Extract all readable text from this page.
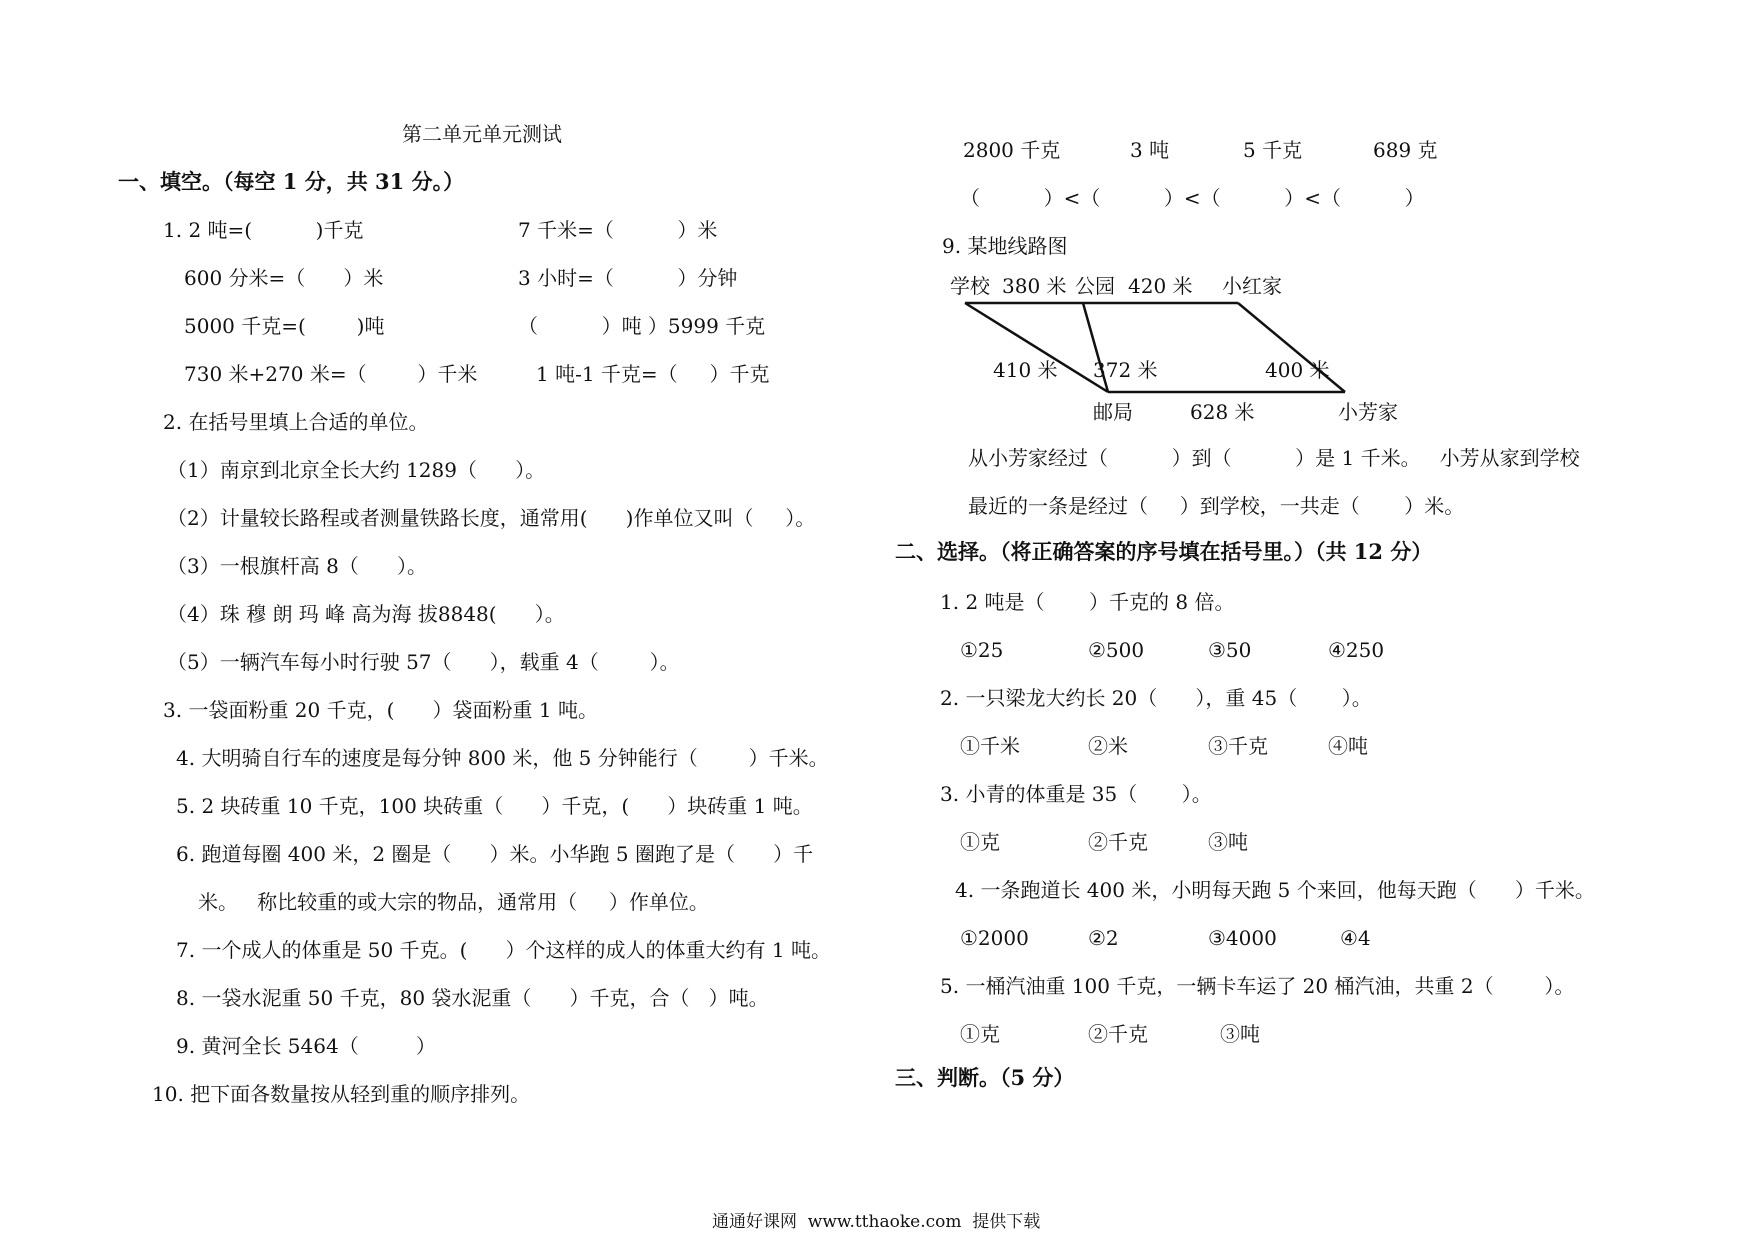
第二单元单元测试
一、填空。（每空 1 分，共 31 分。）
1. 2 吨=(          )千克	7 千米=（          ）米
600 分米=（      ）米	3 小时=（          ）分钟
5000 千克=(        )吨	（          ）吨 ）5999 千克
730 米+270 米=（        ）千米	1 吨-1 千克=（     ）千克
2. 在括号里填上合适的单位。
（1）南京到北京全长大约 1289（      ）。
（2）计量较长路程或者测量铁路长度，通常用(      )作单位又叫（     ）。
（3）一根旗杆高 8（      ）。
（4）珠 穆 朗 玛 峰 高为海 拔8848(      ）。
（5）一辆汽车每小时行驶 57（      ），载重 4（        ）。
3. 一袋面粉重 20 千克，(      ）袋面粉重 1 吨。
4. 大明骑自行车的速度是每分钟 800 米，他 5 分钟能行（        ）千米。
5. 2 块砖重 10 千克，100 块砖重（      ）千克，(      ）块砖重 1 吨。
6. 跑道每圈 400 米，2 圈是（      ）米。小华跑 5 圈跑了是（      ）千
米。   称比较重的或大宗的物品，通常用（     ）作单位。
7. 一个成人的体重是 50 千克。(      ）个这样的成人的体重大约有 1 吨。
8. 一袋水泥重 50 千克，80 袋水泥重（      ）千克，合（   ）吨。
9. 黄河全长 5464（         ）
10. 把下面各数量按从轻到重的顺序排列。
2800 千克	3 吨	5 千克	689 克
（          ）<（          ）<（          ）<（          ）
9. 某地线路图
学校 380 米 公园 420 米 小红家
410 米 372 米	400 米
邮局	628 米	小芳家
从小芳家经过（          ）到（          ）是 1 千米。   小芳从家到学校
最近的一条是经过（     ）到学校，一共走（       ）米。
二、选择。（将正确答案的序号填在括号里。）（共 12 分）
1. 2 吨是（       ）千克的 8 倍。
①25	②500	③50	④250
2. 一只梁龙大约长 20（      ），重 45（       ）。
①千米	②米	③千克	④吨
3. 小青的体重是 35（       ）。
①克	②千克	③吨
4. 一条跑道长 400 米，小明每天跑 5 个来回，他每天跑（      ）千米。
①2000	②2	③4000	④4
5. 一桶汽油重 100 千克，一辆卡车运了 20 桶汽油，共重 2（        ）。
①克	②千克	③吨
三、判断。（5 分）
通通好课网  www.tthaoke.com  提供下载
